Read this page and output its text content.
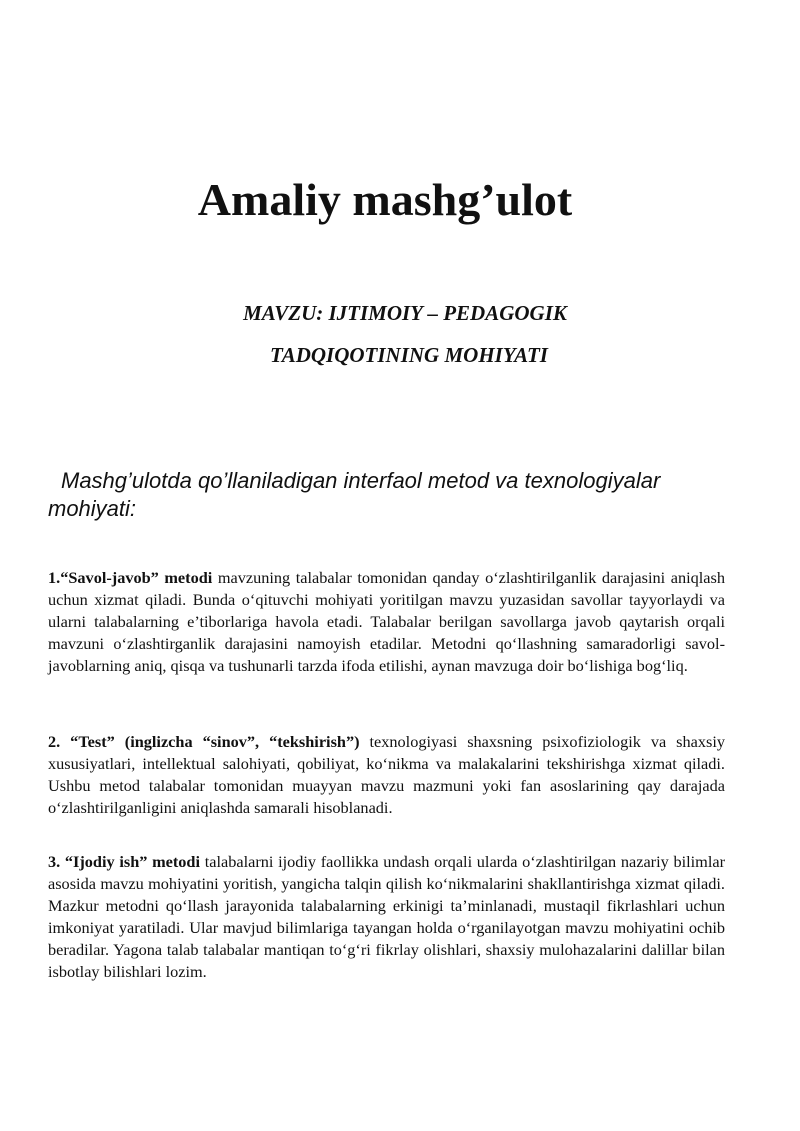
Amaliy mashg’ulot

MAVZU: IJTIMOIY – PEDAGOGIK

TADQIQOTINING MOHIYATI

Mashg’ulotda qo’llaniladigan interfaol metod va texnologiyalar mohiyati:

1.“Savol-javob” metodi mavzuning talabalar tomonidan qanday o‘zlashtirilganlik darajasini aniqlash uchun xizmat qiladi. Bunda o‘qituvchi mohiyati yoritilgan mavzu yuzasidan savollar tayyorlaydi va ularni talabalarning e’tiborlariga havola etadi. Talabalar berilgan savollarga javob qaytarish orqali mavzuni o‘zlashtirganlik darajasini namoyish etadilar. Metodni qo‘llashning samaradorligi savol-javoblarning aniq, qisqa va tushunarli tarzda ifoda etilishi, aynan mavzuga doir bo‘lishiga bog‘liq.

2. “Test” (inglizcha “sinov”, “tekshirish”) texnologiyasi shaxsning psixofiziologik va shaxsiy xususiyatlari, intellektual salohiyati, qobiliyat, ko‘nikma va malakalarini tekshirishga xizmat qiladi. Ushbu metod talabalar tomonidan muayyan mavzu mazmuni yoki fan asoslarining qay darajada o‘zlashtirilganligini aniqlashda samarali hisoblanadi.

3. “Ijodiy ish” metodi talabalarni ijodiy faollikka undash orqali ularda o‘zlashtirilgan nazariy bilimlar asosida mavzu mohiyatini yoritish, yangicha talqin qilish ko‘nikmalarini shakllantirishga xizmat qiladi. Mazkur metodni qo‘llash jarayonida talabalarning erkinigi ta’minlanadi, mustaqil fikrlashlari uchun imkoniyat yaratiladi. Ular mavjud bilimlariga tayangan holda o‘rganilayotgan mavzu mohiyatini ochib beradilar. Yagona talab talabalar mantiqan to‘g‘ri fikrlay olishlari, shaxsiy mulohazalarini dalillar bilan isbotlay bilishlari lozim.
